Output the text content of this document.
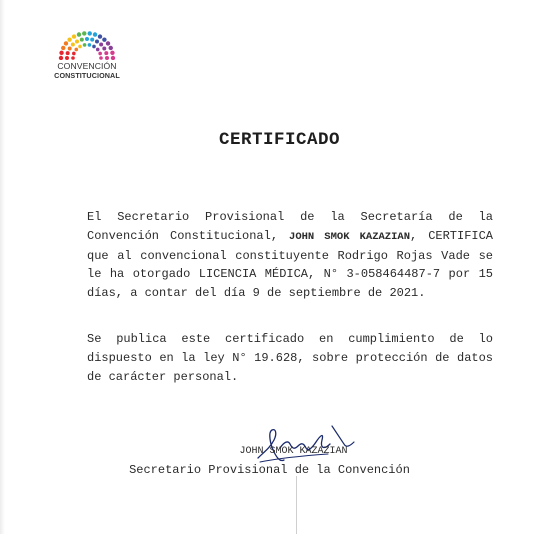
CONVENCIÓN
CONSTITUCIONAL
CERTIFICADO
El Secretario Provisional de la Secretaría de la Convención Constitucional, JOHN SMOK KAZAZIAN, CERTIFICA que al convencional constituyente Rodrigo Rojas Vade se le ha otorgado LICENCIA MÉDICA, N° 3-058464487-7 por 15 días, a contar del día 9 de septiembre de 2021.
Se publica este certificado en cumplimiento de lo dispuesto en la ley N° 19.628, sobre protección de datos de carácter personal.
JOHN SMOK KAZAZIAN
Secretario Provisional de la Convención
